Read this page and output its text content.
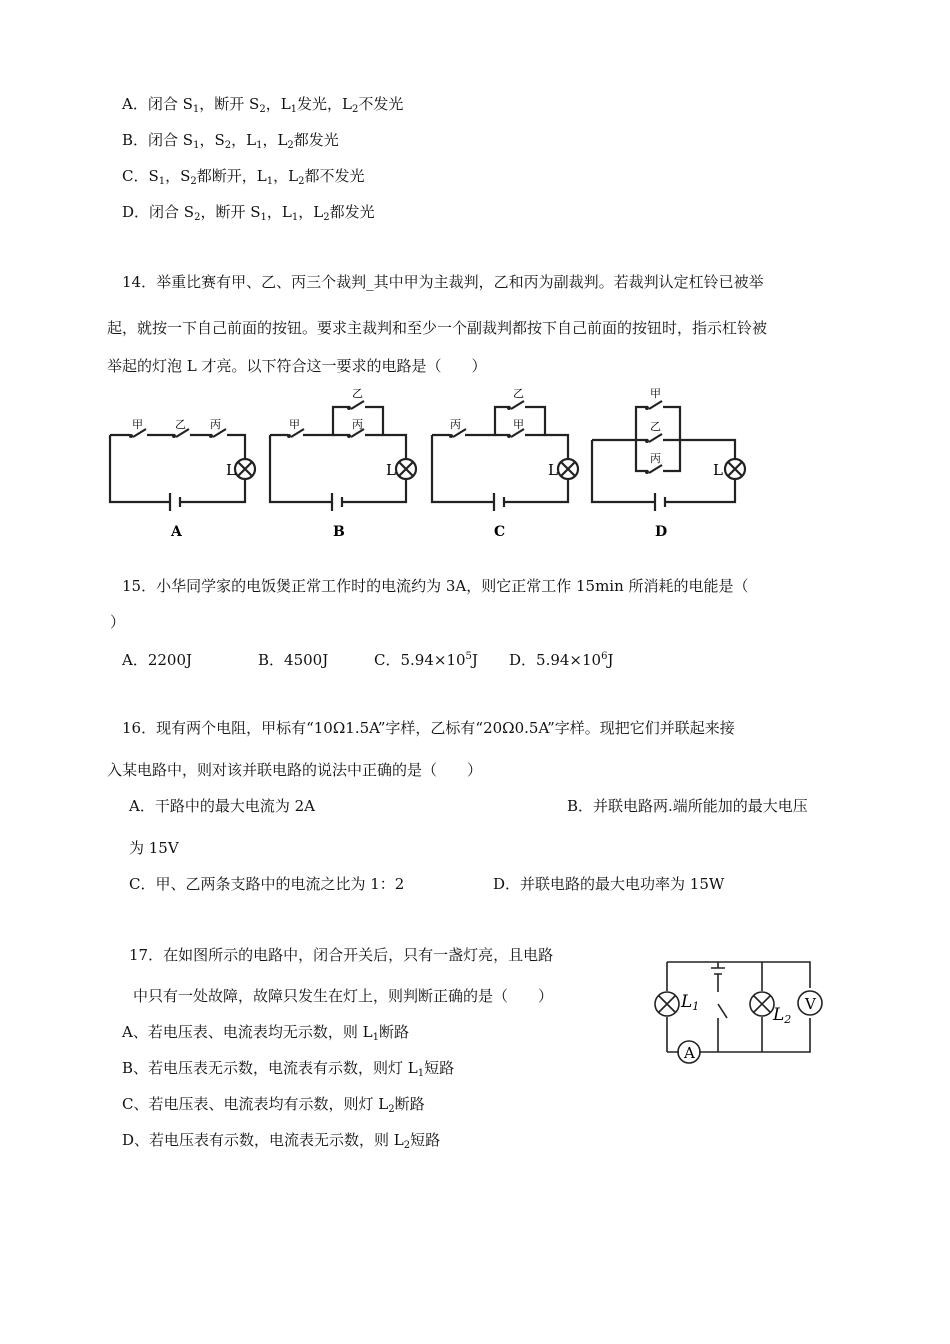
A．闭合 $S_1$，断开 $S_2$，$L_1$发光，$L_2$不发光
B．闭合 $S_1$，$S_2$，$L_1$，$L_2$都发光
C．$S_1$，$S_2$都断开，$L_1$，$L_2$都不发光
D．闭合 $S_2$，断开 $S_1$，$L_1$，$L_2$都发光
14．举重比赛有甲、乙、丙三个裁判_其中甲为主裁判，乙和丙为副裁判。若裁判认定杠铃已被举
起，就按一下自己前面的按钮。要求主裁判和至少一个副裁判都按下自己前面的按钮时，指示杠铃被
举起的灯泡 L 才亮。以下符合这一要求的电路是（　　）
甲	乙 丙
L
A
甲
乙
丙
L
B
丙
乙
甲
L
C
甲
乙
丙
L
D
15．小华同学家的电饭煲正常工作时的电流约为 3A，则它正常工作 15min 所消耗的电能是（
）
A．2200J	B．4500J	C．$5.94\times 10^5J$ D．$5.94\times 10^6J$
16．现有两个电阻，甲标有“10Ω1.5A”字样，乙标有“20Ω0.5A”字样。现把它们并联起来接
入某电路中，则对该并联电路的说法中正确的是（　　）
A．干路中的最大电流为 2A	B．并联电路两.端所能加的最大电压
为 15V
C．甲、乙两条支路中的电流之比为 1：2	D．并联电路的最大电功率为 15W
17．在如图所示的电路中，闭合开关后，只有一盏灯亮，且电路
中只有一处故障，故障只发生在灯上，则判断正确的是（　　）
A、若电压表、电流表均无示数，则 $L_1$断路
B、若电压表无示数，电流表有示数，则灯 $L_1$短路
C、若电压表、电流表均有示数，则灯 $L_2$断路
D、若电压表有示数，电流表无示数，则 $L_2$短路
V
A
L1	L2
